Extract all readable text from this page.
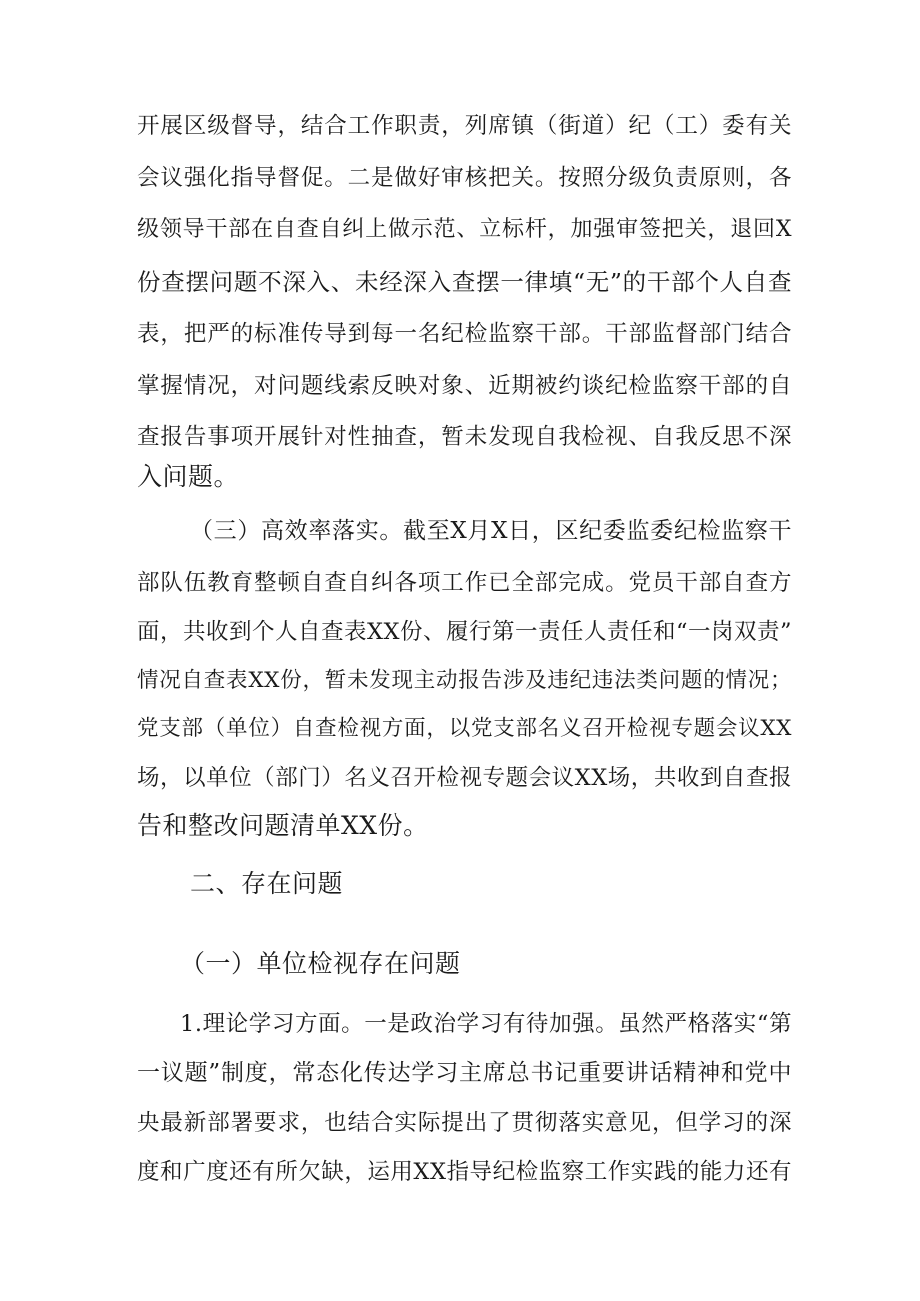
开展区级督导，结合工作职责，列席镇（街道）纪（工）委有关
会议强化指导督促。二是做好审核把关。按照分级负责原则，各
级领导干部在自查自纠上做示范、立标杆，加强审签把关，退回X
份查摆问题不深入、未经深入查摆一律填“无”的干部个人自查
表，把严的标准传导到每一名纪检监察干部。干部监督部门结合
掌握情况，对问题线索反映对象、近期被约谈纪检监察干部的自
查报告事项开展针对性抽查，暂未发现自我检视、自我反思不深
入问题。
（三）高效率落实。截至X月X日，区纪委监委纪检监察干
部队伍教育整顿自查自纠各项工作已全部完成。党员干部自查方
面，共收到个人自查表XX份、履行第一责任人责任和“一岗双责”
情况自查表XX份，暂未发现主动报告涉及违纪违法类问题的情况；
党支部（单位）自查检视方面，以党支部名义召开检视专题会议XX
场，以单位（部门）名义召开检视专题会议XX场，共收到自查报
告和整改问题清单XX份。
二、存在问题
（一）单位检视存在问题
1.理论学习方面。一是政治学习有待加强。虽然严格落实“第
一议题”制度，常态化传达学习主席总书记重要讲话精神和党中
央最新部署要求，也结合实际提出了贯彻落实意见，但学习的深
度和广度还有所欠缺，运用XX指导纪检监察工作实践的能力还有
